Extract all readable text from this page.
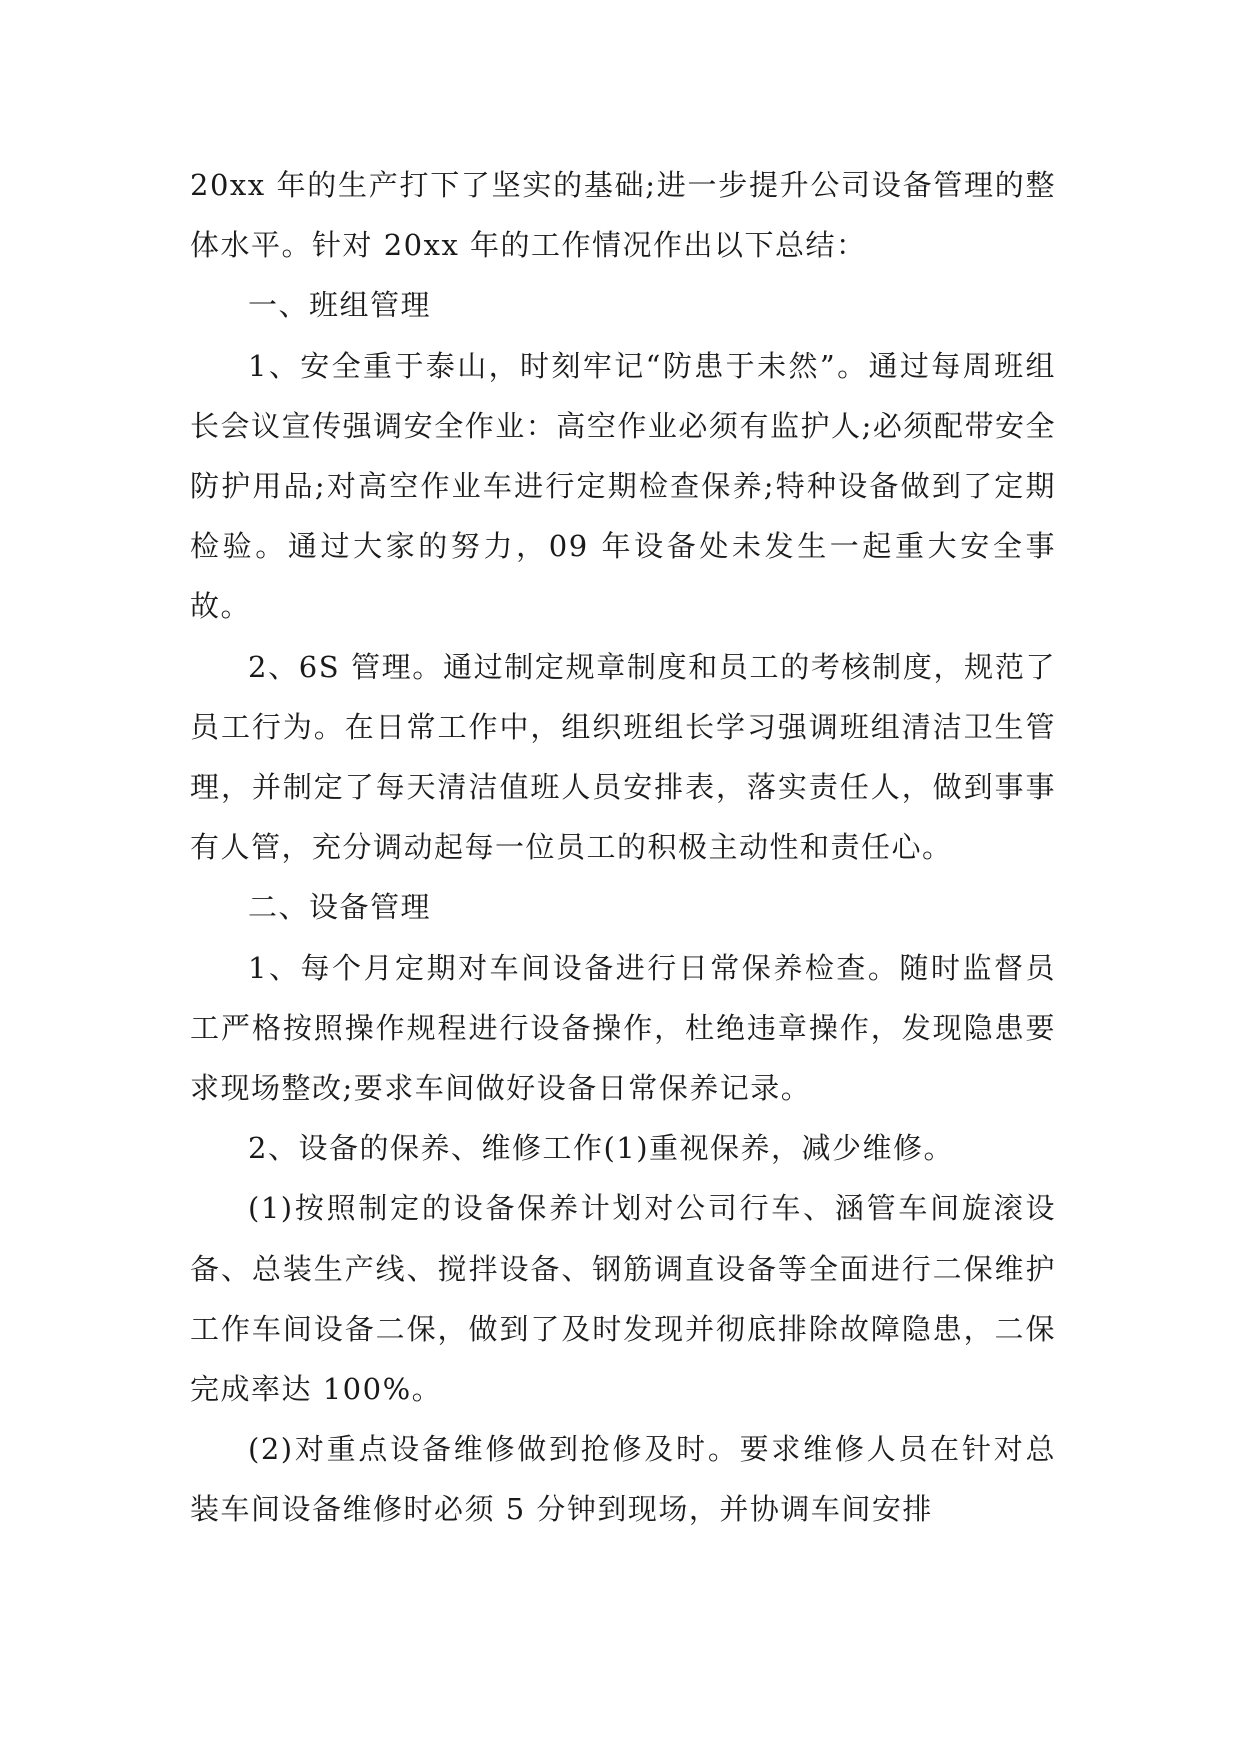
20xx 年的生产打下了坚实的基础;进一步提升公司设备管理的整体水平。针对 20xx 年的工作情况作出以下总结：

一、班组管理

1、安全重于泰山，时刻牢记“防患于未然”。通过每周班组长会议宣传强调安全作业：高空作业必须有监护人;必须配带安全防护用品;对高空作业车进行定期检查保养;特种设备做到了定期检验。通过大家的努力，09 年设备处未发生一起重大安全事故。

2、6S 管理。通过制定规章制度和员工的考核制度，规范了员工行为。在日常工作中，组织班组长学习强调班组清洁卫生管理，并制定了每天清洁值班人员安排表，落实责任人，做到事事有人管，充分调动起每一位员工的积极主动性和责任心。

二、设备管理

1、每个月定期对车间设备进行日常保养检查。随时监督员工严格按照操作规程进行设备操作，杜绝违章操作，发现隐患要求现场整改;要求车间做好设备日常保养记录。

2、设备的保养、维修工作(1)重视保养，减少维修。

(1)按照制定的设备保养计划对公司行车、涵管车间旋滚设备、总装生产线、搅拌设备、钢筋调直设备等全面进行二保维护工作车间设备二保，做到了及时发现并彻底排除故障隐患，二保完成率达 100%。

(2)对重点设备维修做到抢修及时。要求维修人员在针对总装车间设备维修时必须 5 分钟到现场，并协调车间安排
